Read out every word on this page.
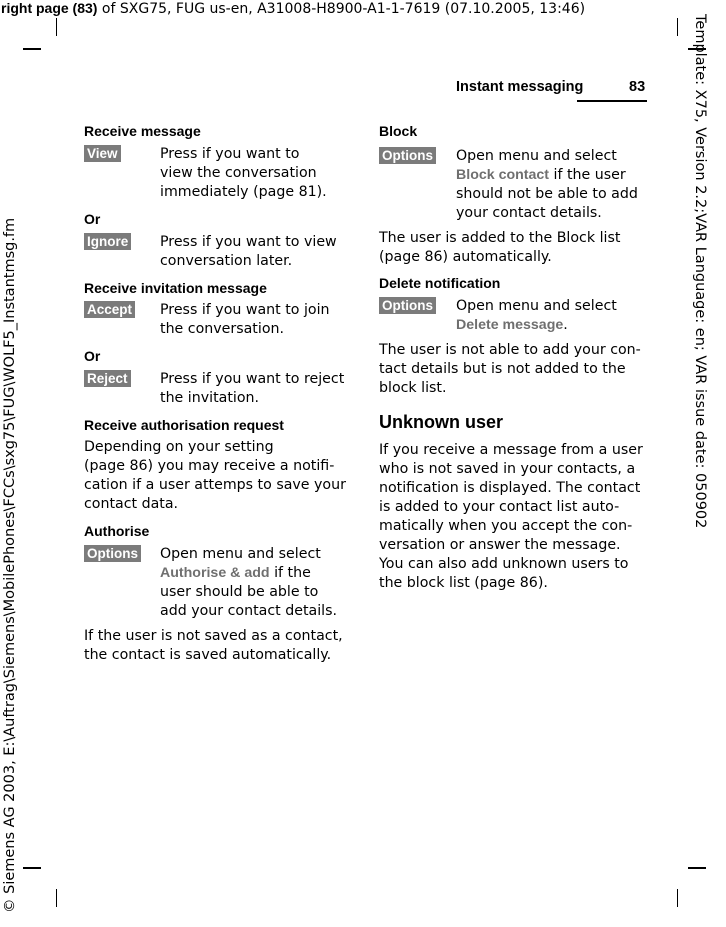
right page (83) of SXG75, FUG us-en, A31008-H8900-A1-1-7619 (07.10.2005, 13:46)
Template: X75, Version 2.2;VAR Language: en; VAR issue date: 050902
© Siemens AG 2003, E:\Auftrag\Siemens\MobilePhones\FCCs\sxg75\FUG\WOLF5_Instantmsg.fm
Instant messaging	83
Receive message
View	Press if you want to
view the conversation
immediately (page 81).
Or
Ignore Press if you want to view
conversation later.
Receive invitation message
Accept Press if you want to join
the conversation.
Or
Reject Press if you want to reject
the invitation.
Receive authorisation request
Depending on your setting
(page 86) you may receive a notifi-
cation if a user attemps to save your
contact data.
Authorise
Options Open menu and select
Authorise & add if the
user should be able to
add your contact details.
If the user is not saved as a contact,
the contact is saved automatically.
Block
Options Open menu and select
Block contact if the user
should not be able to add
your contact details.
The user is added to the Block list
(page 86) automatically.
Delete notification
Options Open menu and select
Delete message.
The user is not able to add your con-
tact details but is not added to the
block list.
Unknown user
If you receive a message from a user
who is not saved in your contacts, a
notification is displayed. The contact
is added to your contact list auto-
matically when you accept the con-
versation or answer the message.
You can also add unknown users to
the block list (page 86).
